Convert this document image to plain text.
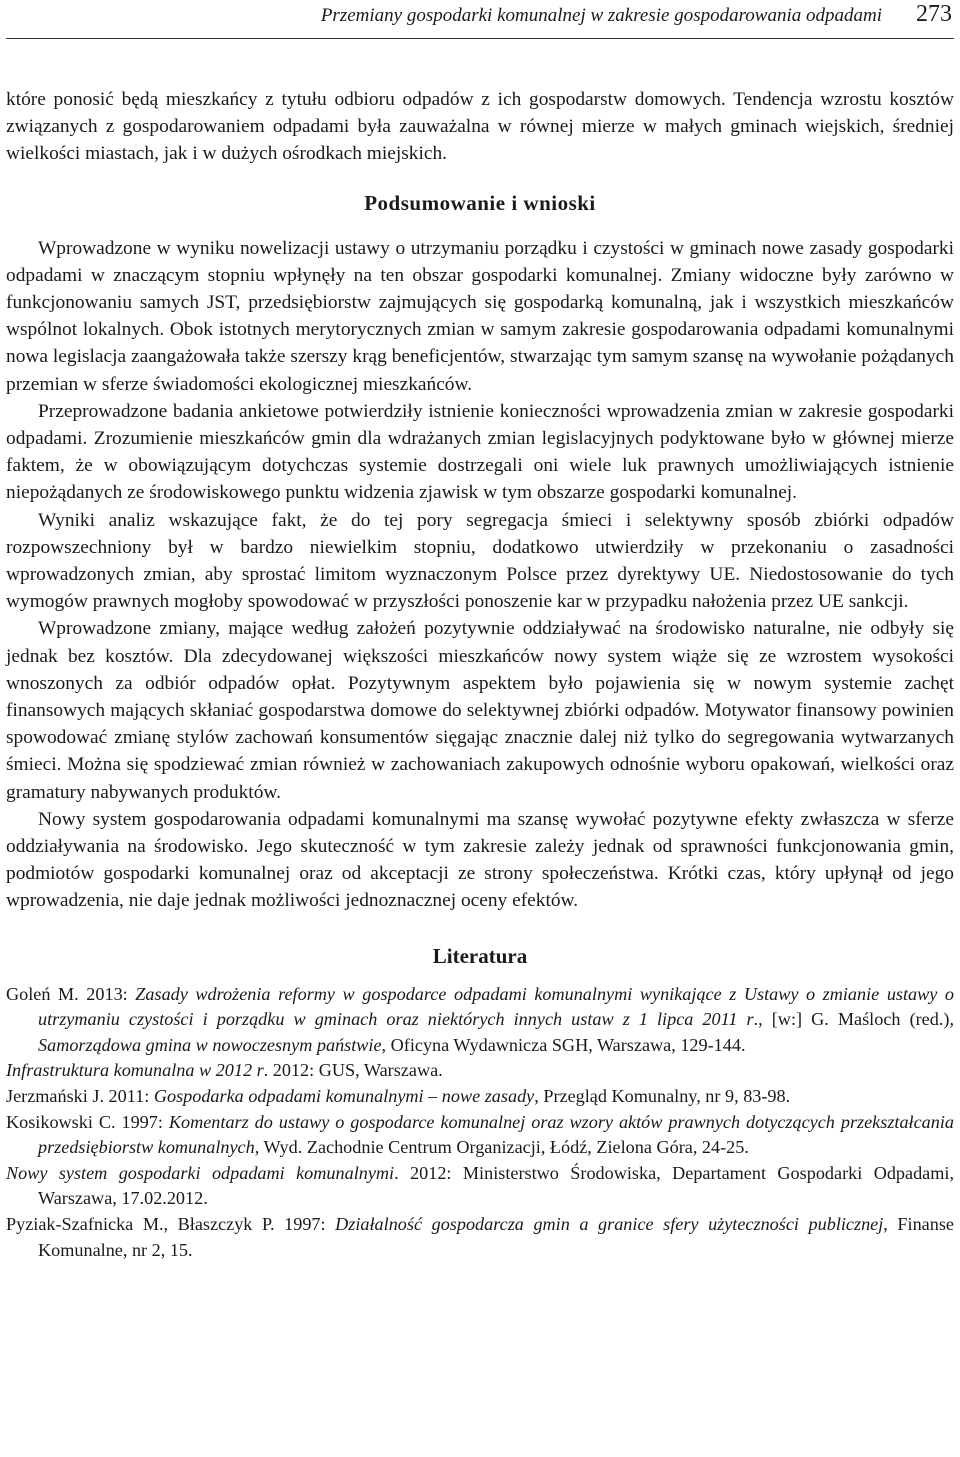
Przemiany gospodarki komunalnej w zakresie gospodarowania odpadami 273

które ponosić będą mieszkańcy z tytułu odbioru odpadów z ich gospodarstw domowych. Tendencja wzrostu kosztów związanych z gospodarowaniem odpadami była zauważalna w równej mierze w małych gminach wiejskich, średniej wielkości miastach, jak i w dużych ośrodkach miejskich.

Podsumowanie i wnioski

Wprowadzone w wyniku nowelizacji ustawy o utrzymaniu porządku i czystości w gminach nowe zasady gospodarki odpadami w znaczącym stopniu wpłynęły na ten obszar gospodarki komunalnej. Zmiany widoczne były zarówno w funkcjonowaniu samych JST, przedsiębiorstw zajmujących się gospodarką komunalną, jak i wszystkich mieszkańców wspólnot lokalnych. Obok istotnych merytorycznych zmian w samym zakresie gospodarowania odpadami komunalnymi nowa legislacja zaangażowała także szerszy krąg beneficjentów, stwarzając tym samym szansę na wywołanie pożądanych przemian w sferze świadomości ekologicznej mieszkańców.

Przeprowadzone badania ankietowe potwierdziły istnienie konieczności wprowadzenia zmian w zakresie gospodarki odpadami. Zrozumienie mieszkańców gmin dla wdrażanych zmian legislacyjnych podyktowane było w głównej mierze faktem, że w obowiązującym dotychczas systemie dostrzegali oni wiele luk prawnych umożliwiających istnienie niepożądanych ze środowiskowego punktu widzenia zjawisk w tym obszarze gospodarki komunalnej.

Wyniki analiz wskazujące fakt, że do tej pory segregacja śmieci i selektywny sposób zbiórki odpadów rozpowszechniony był w bardzo niewielkim stopniu, dodatkowo utwierdziły w przekonaniu o zasadności wprowadzonych zmian, aby sprostać limitom wyznaczonym Polsce przez dyrektywy UE. Niedostosowanie do tych wymogów prawnych mogłoby spowodować w przyszłości ponoszenie kar w przypadku nałożenia przez UE sankcji.

Wprowadzone zmiany, mające według założeń pozytywnie oddziaływać na środowisko naturalne, nie odbyły się jednak bez kosztów. Dla zdecydowanej większości mieszkańców nowy system wiąże się ze wzrostem wysokości wnoszonych za odbiór odpadów opłat. Pozytywnym aspektem było pojawienia się w nowym systemie zachęt finansowych mających skłaniać gospodarstwa domowe do selektywnej zbiórki odpadów. Motywator finansowy powinien spowodować zmianę stylów zachowań konsumentów sięgając znacznie dalej niż tylko do segregowania wytwarzanych śmieci. Można się spodziewać zmian również w zachowaniach zakupowych odnośnie wyboru opakowań, wielkości oraz gramatury nabywanych produktów.

Nowy system gospodarowania odpadami komunalnymi ma szansę wywołać pozytywne efekty zwłaszcza w sferze oddziaływania na środowisko. Jego skuteczność w tym zakresie zależy jednak od sprawności funkcjonowania gmin, podmiotów gospodarki komunalnej oraz od akceptacji ze strony społeczeństwa. Krótki czas, który upłynął od jego wprowadzenia, nie daje jednak możliwości jednoznacznej oceny efektów.

Literatura

Goleń M. 2013: Zasady wdrożenia reformy w gospodarce odpadami komunalnymi wynikające z Ustawy o zmianie ustawy o utrzymaniu czystości i porządku w gminach oraz niektórych innych ustaw z 1 lipca 2011 r., [w:] G. Maśloch (red.), Samorządowa gmina w nowoczesnym państwie, Oficyna Wydawnicza SGH, Warszawa, 129-144.

Infrastruktura komunalna w 2012 r. 2012: GUS, Warszawa.

Jerzmański J. 2011: Gospodarka odpadami komunalnymi – nowe zasady, Przegląd Komunalny, nr 9, 83-98.

Kosikowski C. 1997: Komentarz do ustawy o gospodarce komunalnej oraz wzory aktów prawnych dotyczących przekształcania przedsiębiorstw komunalnych, Wyd. Zachodnie Centrum Organizacji, Łódź, Zielona Góra, 24-25.

Nowy system gospodarki odpadami komunalnymi. 2012: Ministerstwo Środowiska, Departament Gospodarki Odpadami, Warszawa, 17.02.2012.

Pyziak-Szafnicka M., Błaszczyk P. 1997: Działalność gospodarcza gmin a granice sfery użyteczności publicznej, Finanse Komunalne, nr 2, 15.
